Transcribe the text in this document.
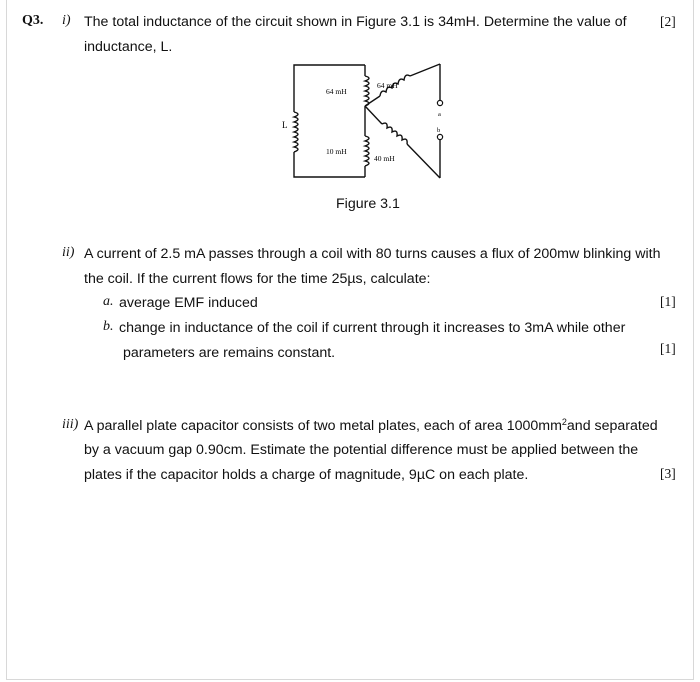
Q3. i) The total inductance of the circuit shown in Figure 3.1 is 34mH. Determine the value of
inductance, L.
[2]
L
64 mH
64 mH
10 mH
40 mH
a
b
Figure 3.1
ii) A current of 2.5 mA passes through a coil with 80 turns causes a flux of 200mw blinking with
the coil. If the current flows for the time 25µs, calculate:
a. average EMF induced	[1]
b. change in inductance of the coil if current through it increases to 3mA while other
parameters are remains constant.	[1]
iii) A parallel plate capacitor consists of two metal plates, each of area $1000mm^2and$ separated
by a vacuum gap 0.90cm. Estimate the potential difference must be applied between the
plates if the capacitor holds a charge of magnitude, 9µC on each plate.	[3]
